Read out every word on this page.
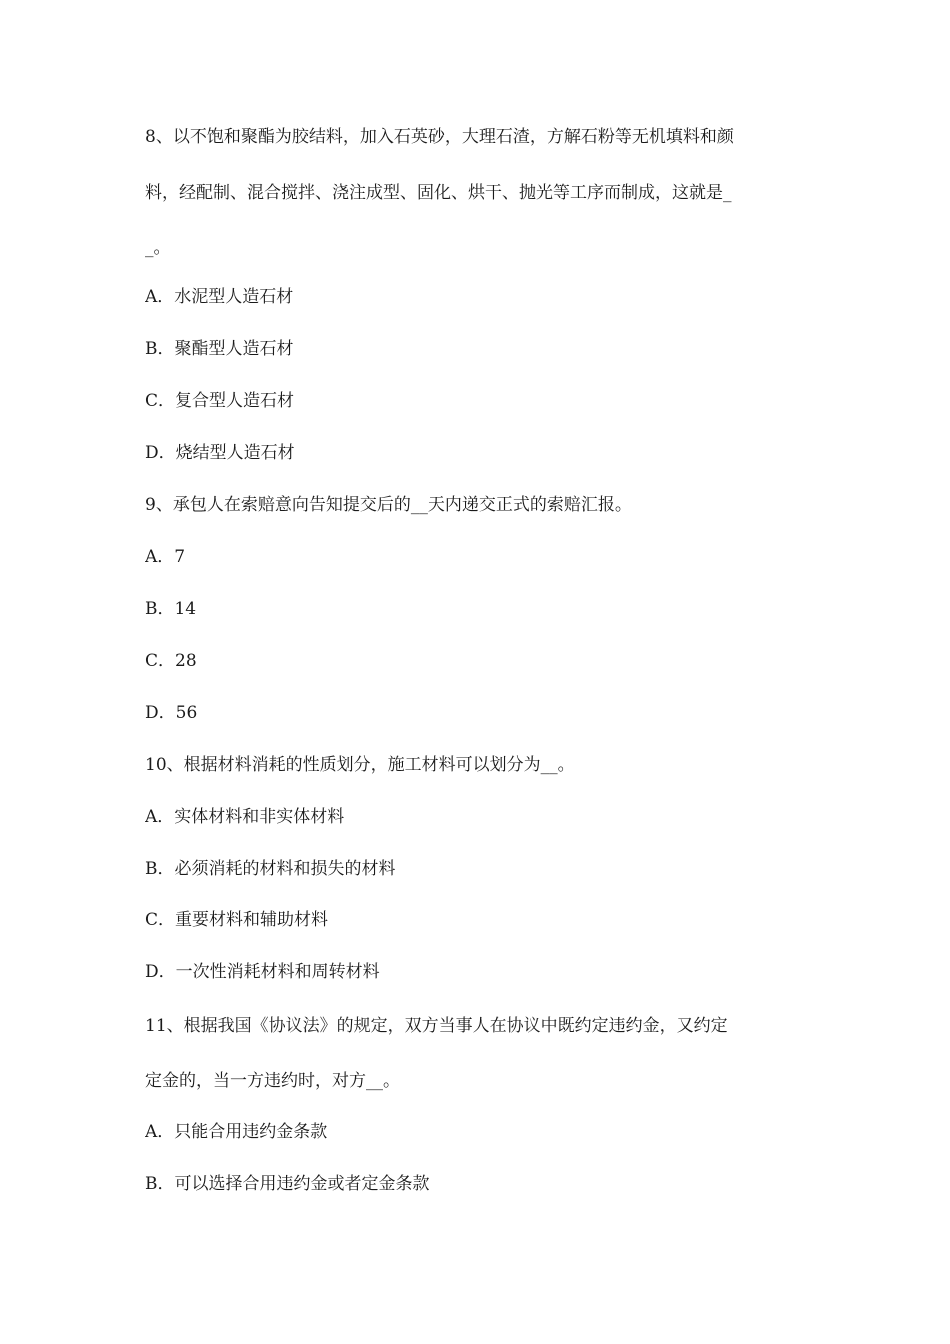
8、以不饱和聚酯为胶结料，加入石英砂，大理石渣，方解石粉等无机填料和颜
料，经配制、混合搅拌、浇注成型、固化、烘干、抛光等工序而制成，这就是_
_。
A．水泥型人造石材
B．聚酯型人造石材
C．复合型人造石材
D．烧结型人造石材
9、承包人在索赔意向告知提交后的__天内递交正式的索赔汇报。
A．7
B．14
C．28
D．56
10、根据材料消耗的性质划分，施工材料可以划分为__。
A．实体材料和非实体材料
B．必须消耗的材料和损失的材料
C．重要材料和辅助材料
D．一次性消耗材料和周转材料
11、根据我国《协议法》的规定，双方当事人在协议中既约定违约金，又约定
定金的，当一方违约时，对方__。
A．只能合用违约金条款
B．可以选择合用违约金或者定金条款
